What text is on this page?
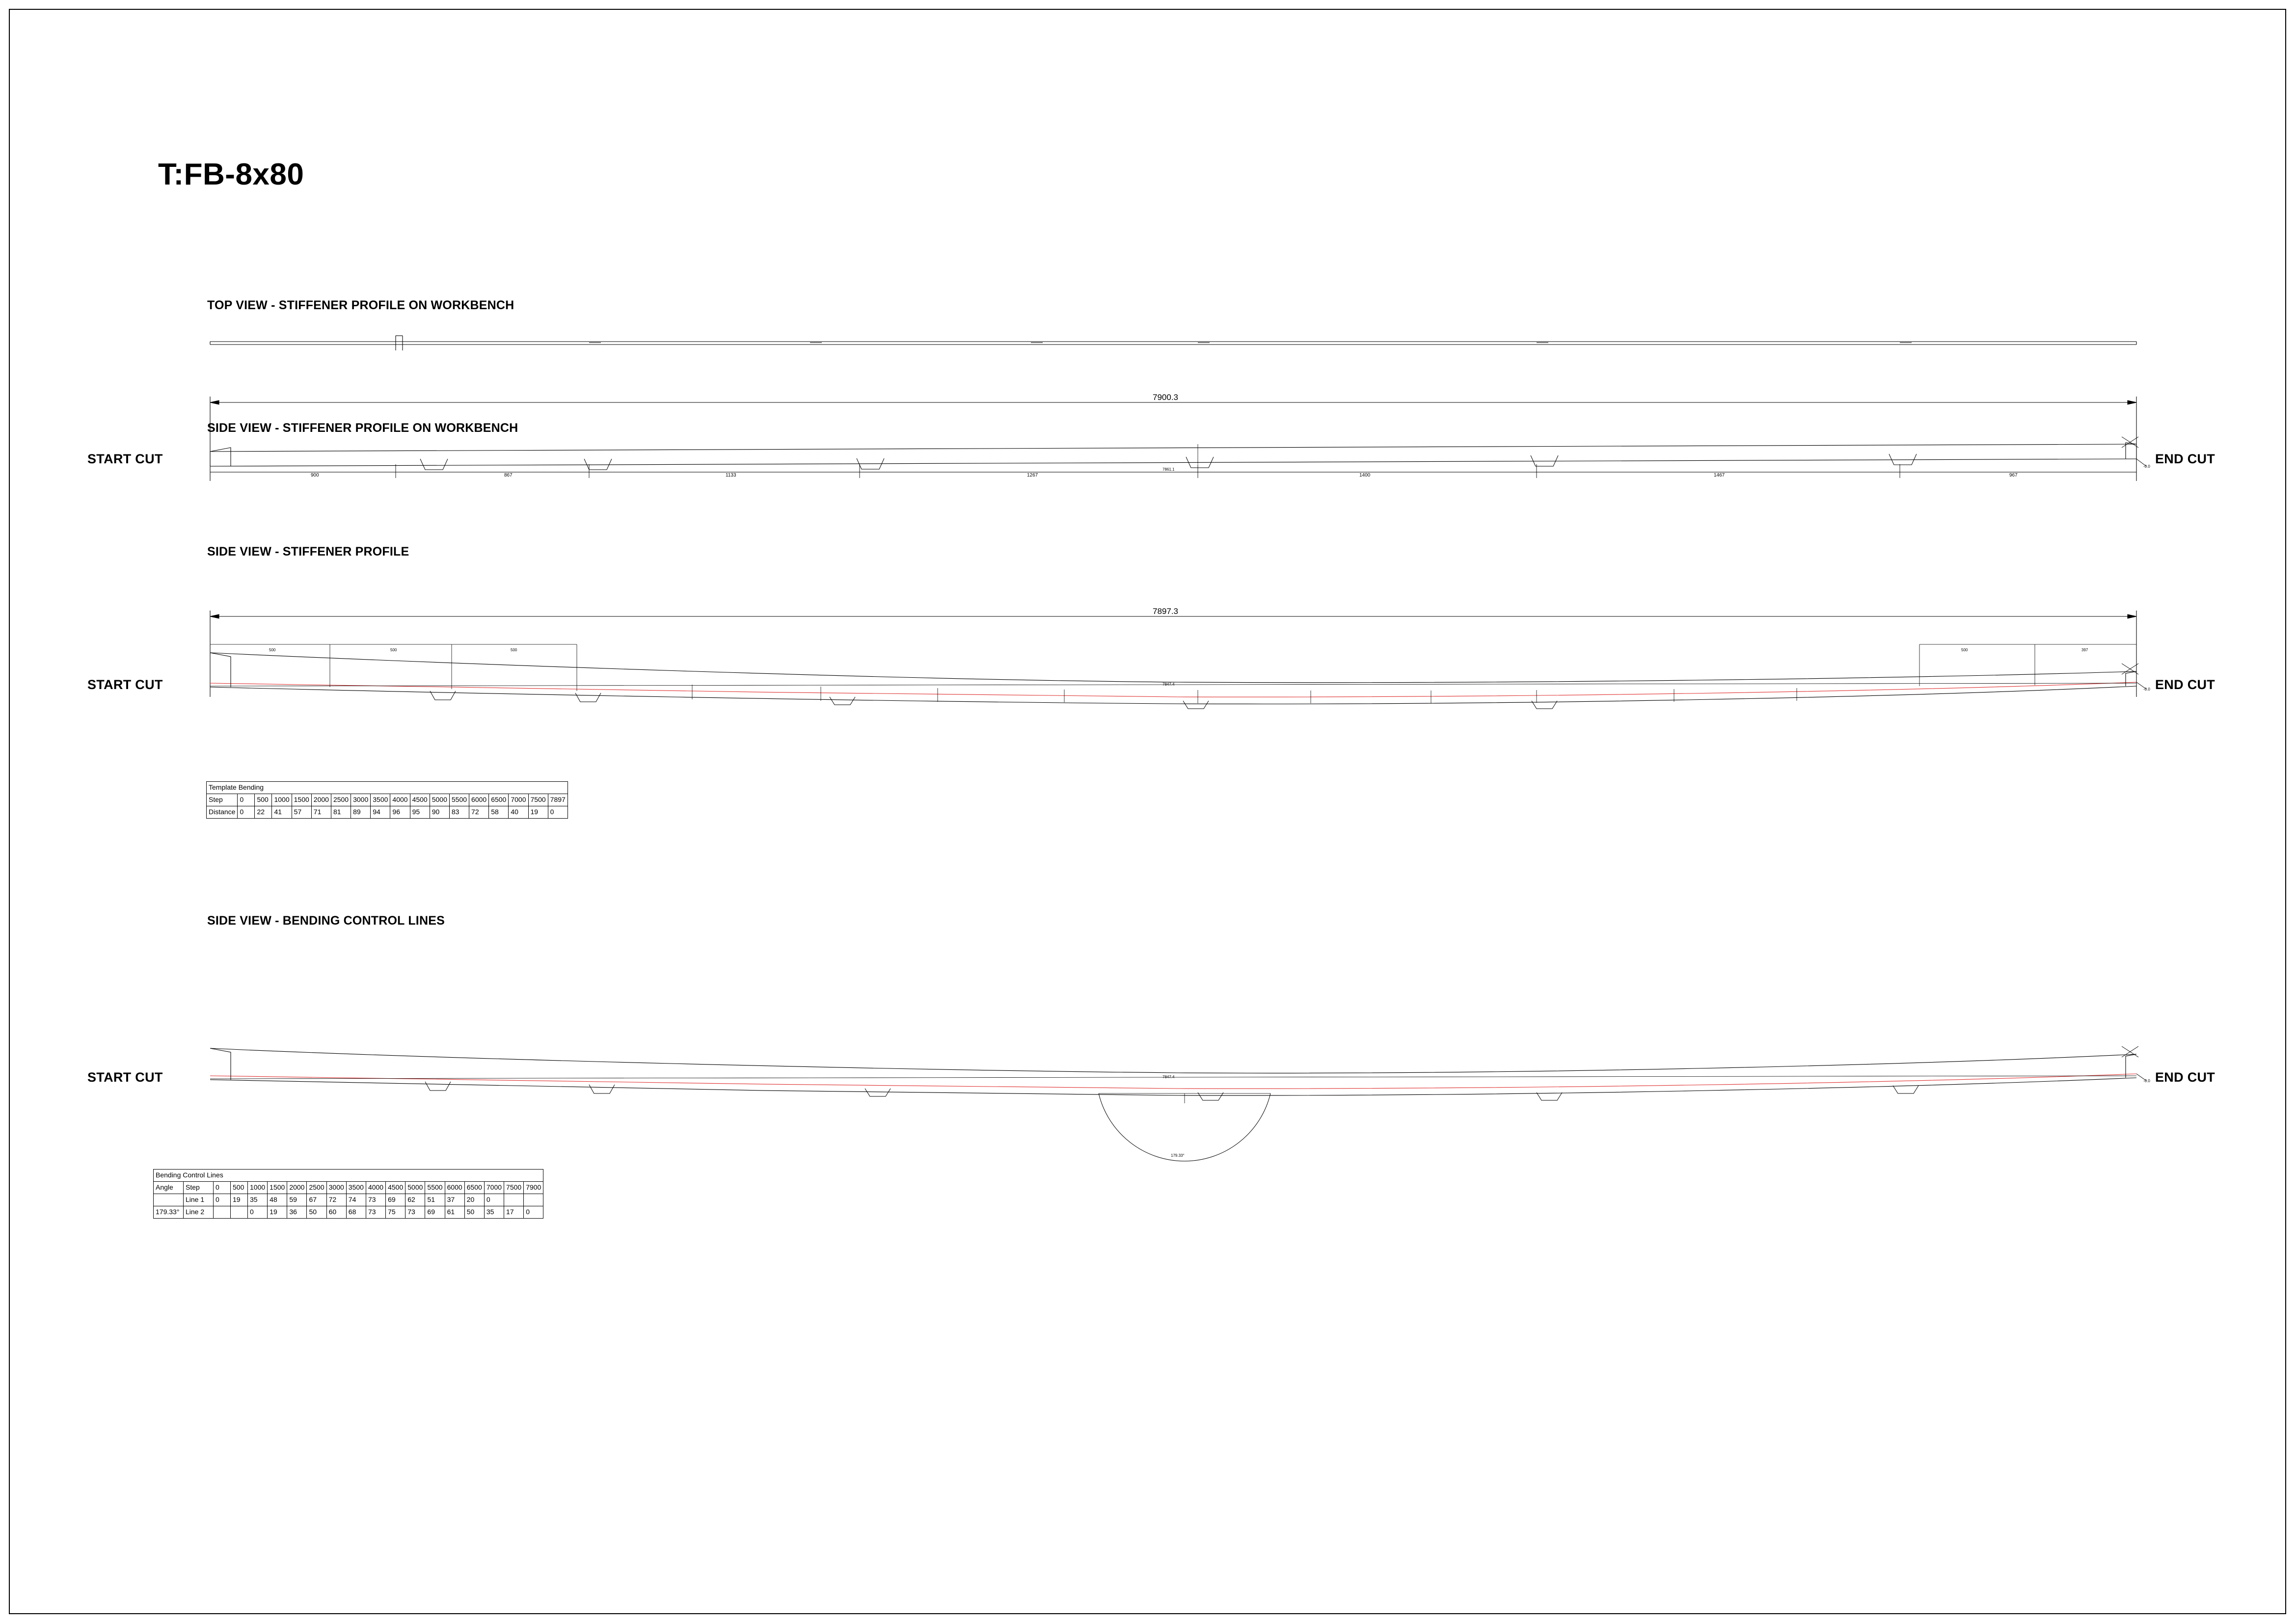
T:FB-8x80
TOP VIEW - STIFFENER PROFILE ON WORKBENCH
SIDE VIEW - STIFFENER PROFILE ON WORKBENCH
SIDE VIEW - STIFFENER PROFILE
SIDE VIEW - BENDING CONTROL LINES
START CUT	END CUT
START CUT	END CUT
START CUT	END CUT
7900.3
7897.3
900	867	1133	1267	1400	1467	967
7861.1
7847.4
7847.4
500	500	500	500	397
179.33°
Template Bending																	
Step	0	500	1000	1500	2000	2500	3000	3500	4000	4500	5000	5500	6000	6500	7000	7500	7897
Distance	0	22	41	57	71	81	89	94	96	95	90	83	72	58	40	19	0
Bending Control Lines																		
Angle	Step	0	500	1000	1500	2000	2500	3000	3500	4000	4500	5000	5500	6000	6500	7000	7500	7900
	Line 1	0	19	35	48	59	67	72	74	73	69	62	51	37	20	0		
179.33°	Line 2			0	19	36	50	60	68	73	75	73	69	61	50	35	17	0
-0.0
-0.0
-0.0
